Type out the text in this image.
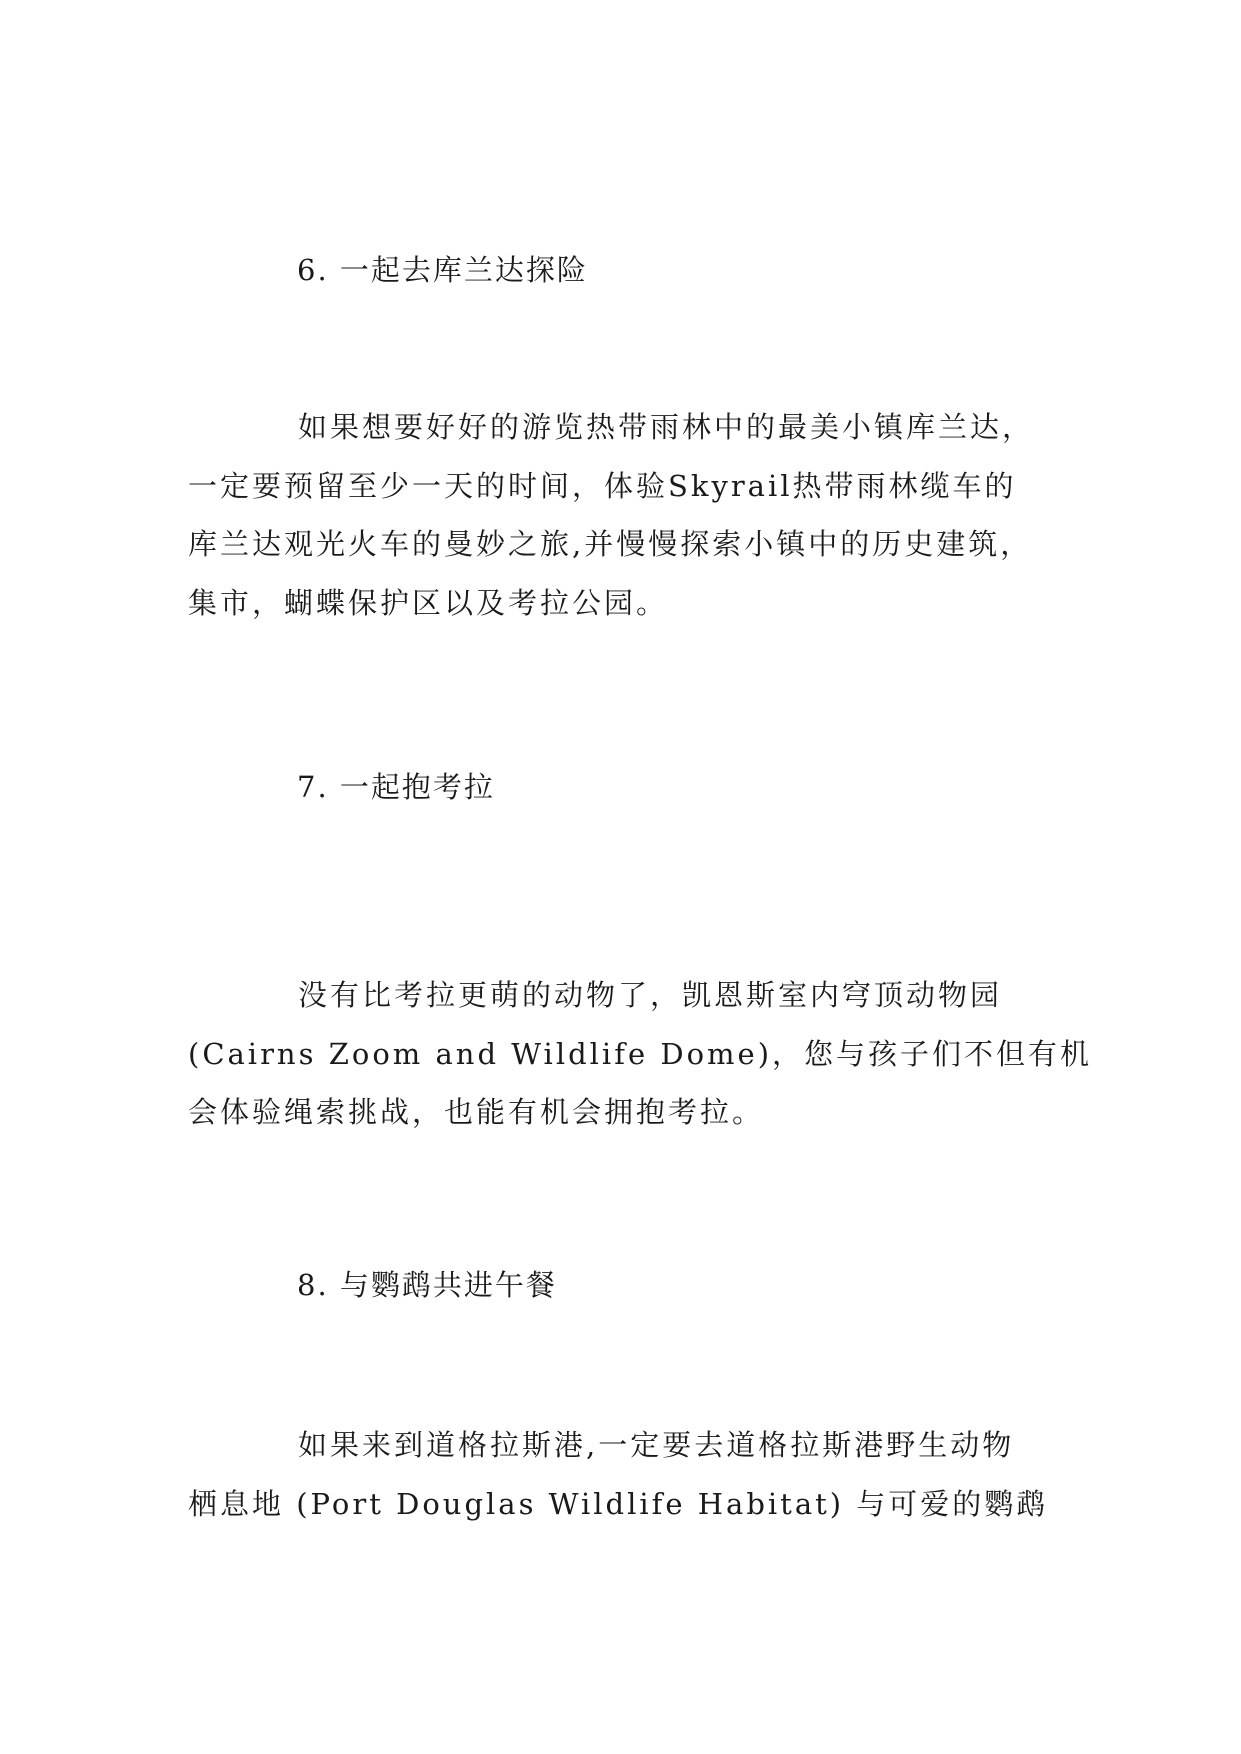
6. 一起去库兰达探险

如果想要好好的游览热带雨林中的最美小镇库兰达，
一定要预留至少一天的时间，体验Skyrail热带雨林缆车的
库兰达观光火车的曼妙之旅,并慢慢探索小镇中的历史建筑，
集市，蝴蝶保护区以及考拉公园。

7. 一起抱考拉

没有比考拉更萌的动物了，凯恩斯室内穹顶动物园
(Cairns Zoom and Wildlife Dome)，您与孩子们不但有机
会体验绳索挑战，也能有机会拥抱考拉。

8. 与鹦鹉共进午餐

如果来到道格拉斯港,一定要去道格拉斯港野生动物
栖息地 (Port Douglas Wildlife Habitat) 与可爱的鹦鹉
